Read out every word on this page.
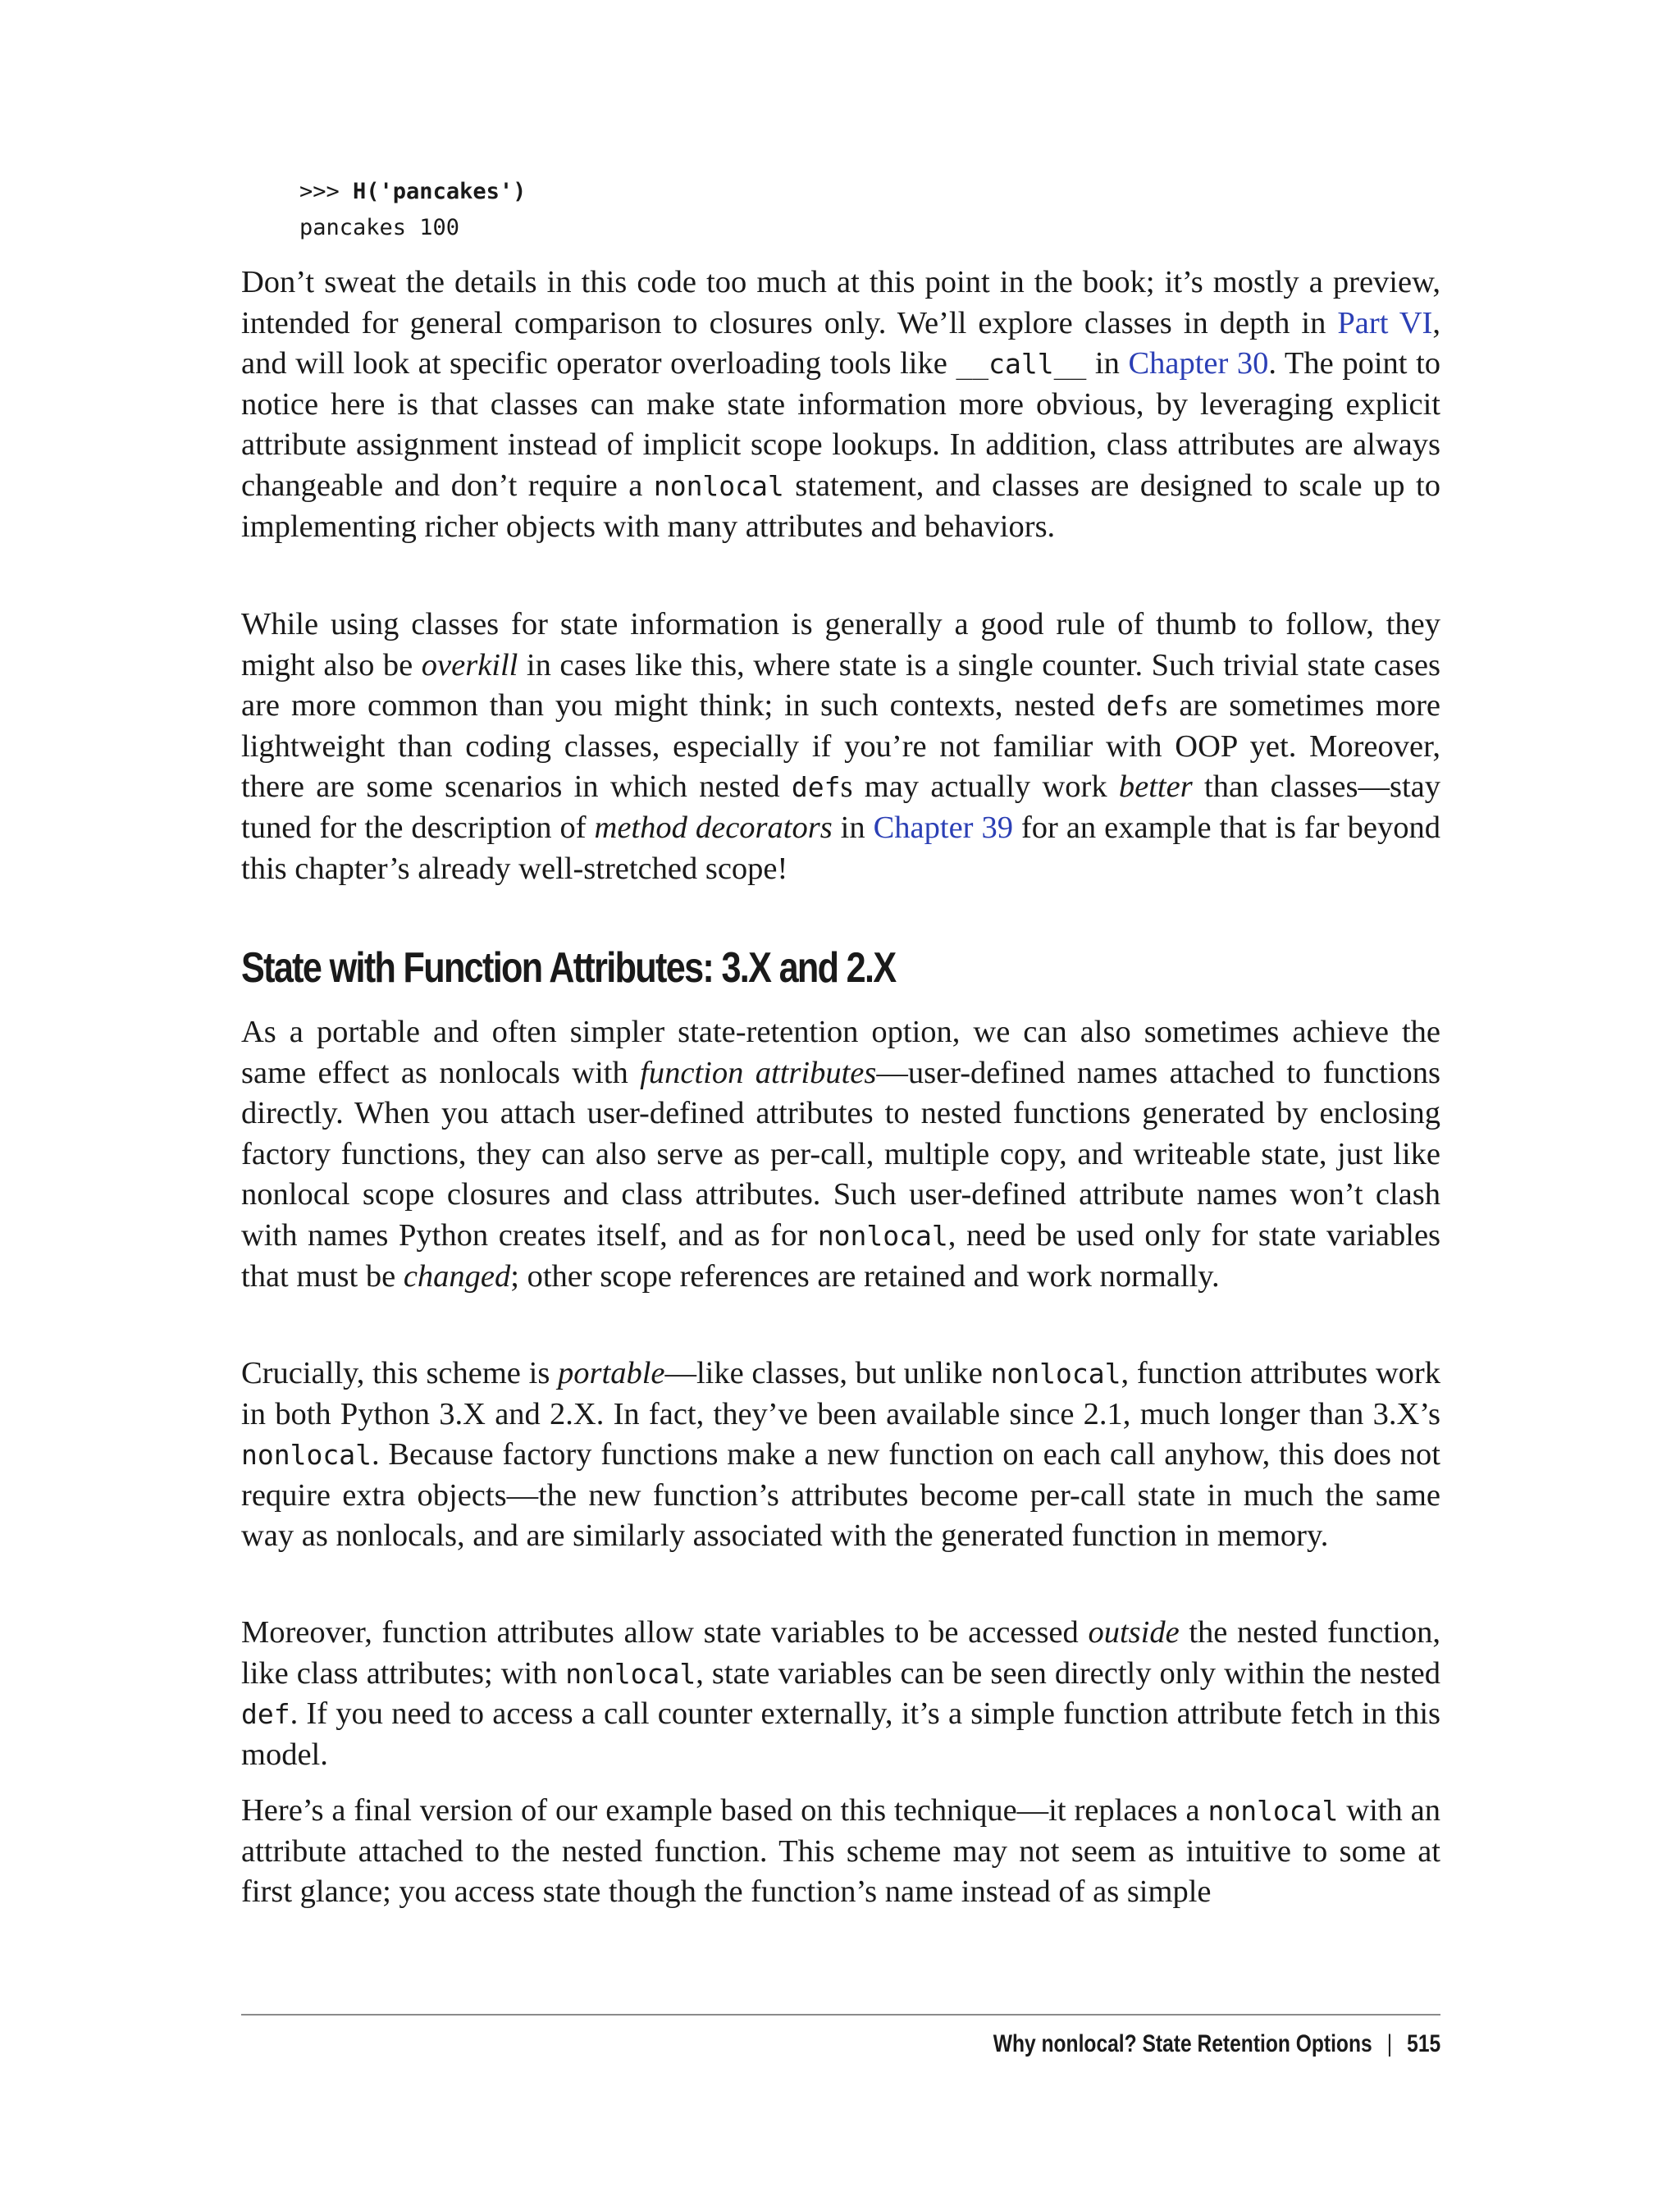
>>> H('pancakes')
pancakes 100

Don’t sweat the details in this code too much at this point in the book; it’s mostly a preview, intended for general comparison to closures only. We’ll explore classes in depth in Part VI, and will look at specific operator overloading tools like __call__ in Chapter 30. The point to notice here is that classes can make state information more obvious, by leveraging explicit attribute assignment instead of implicit scope lookups. In addition, class attributes are always changeable and don’t require a nonlocal statement, and classes are designed to scale up to implementing richer objects with many attributes and behaviors.

While using classes for state information is generally a good rule of thumb to follow, they might also be overkill in cases like this, where state is a single counter. Such trivial state cases are more common than you might think; in such contexts, nested defs are sometimes more lightweight than coding classes, especially if you’re not familiar with OOP yet. Moreover, there are some scenarios in which nested defs may actually work better than classes—stay tuned for the description of method decorators in Chapter 39 for an example that is far beyond this chapter’s already well-stretched scope!

State with Function Attributes: 3.X and 2.X

As a portable and often simpler state-retention option, we can also sometimes achieve the same effect as nonlocals with function attributes—user-defined names attached to functions directly. When you attach user-defined attributes to nested functions generated by enclosing factory functions, they can also serve as per-call, multiple copy, and writeable state, just like nonlocal scope closures and class attributes. Such user-defined attribute names won’t clash with names Python creates itself, and as for nonlocal, need be used only for state variables that must be changed; other scope references are retained and work normally.

Crucially, this scheme is portable—like classes, but unlike nonlocal, function attributes work in both Python 3.X and 2.X. In fact, they’ve been available since 2.1, much longer than 3.X’s nonlocal. Because factory functions make a new function on each call anyhow, this does not require extra objects—the new function’s attributes become per-call state in much the same way as nonlocals, and are similarly associated with the generated function in memory.

Moreover, function attributes allow state variables to be accessed outside the nested function, like class attributes; with nonlocal, state variables can be seen directly only within the nested def. If you need to access a call counter externally, it’s a simple function attribute fetch in this model.

Here’s a final version of our example based on this technique—it replaces a nonlocal with an attribute attached to the nested function. This scheme may not seem as intuitive to some at first glance; you access state though the function’s name instead of as simple

Why nonlocal? State Retention Options | 515
